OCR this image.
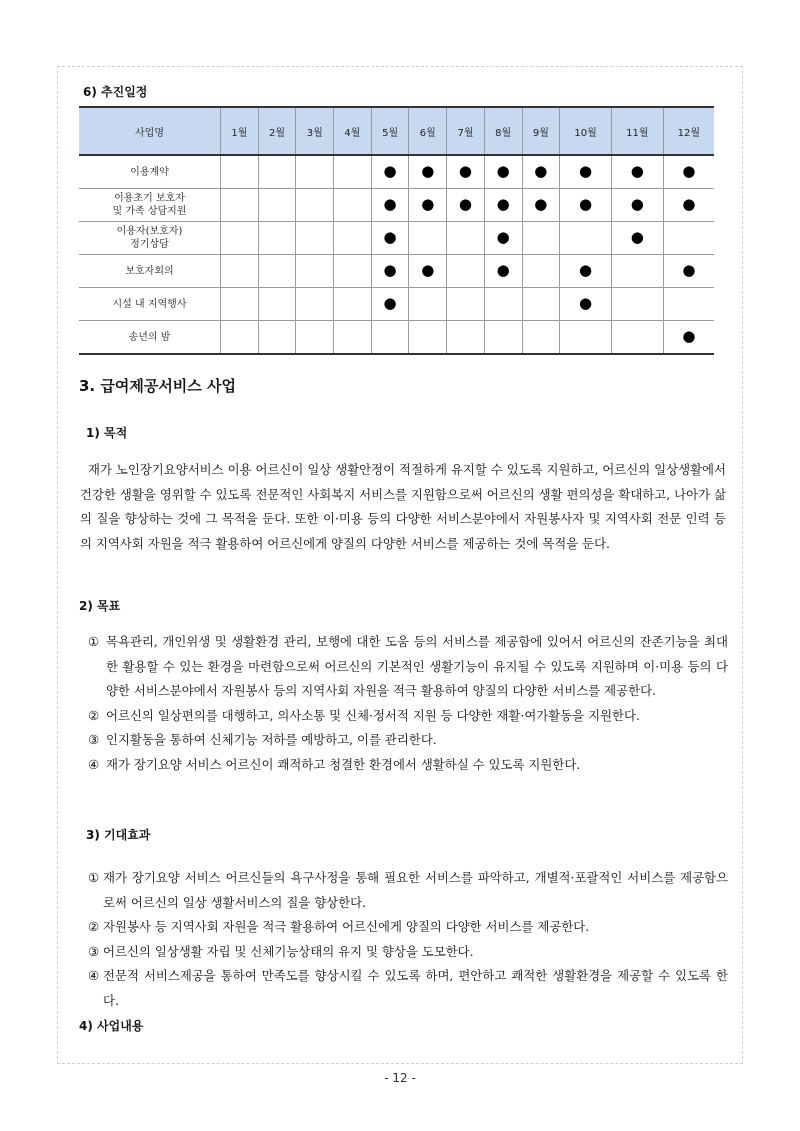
6) 추진일정
사업명	1월	2월	3월	4월	5월	6월	7월	8월	9월	10월	11월	12월

이용계약					●	●	●	●	●	●	●	●

이용초기 보호자
및 가족 상담지원					●	●	●	●	●	●	●	●

이용자(보호자)
정기상담					●			●			●	

보호자회의					●	●		●		●		●

시설 내 지역행사					●					●		

송년의 밤												●
3. 급여제공서비스 사업
1) 목적
재가 노인장기요양서비스 이용 어르신이 일상 생활안정이 적절하게 유지할 수 있도록 지원하고, 어르신의 일상생활에서 건강한 생활을 영위할 수 있도록 전문적인 사회복지 서비스를 지원함으로써 어르신의 생활 편의성을 확대하고, 나아가 삶의 질을 향상하는 것에 그 목적을 둔다. 또한 이·미용 등의 다양한 서비스분야에서 자원봉사자 및 지역사회 전문 인력 등의 지역사회 자원을 적극 활용하여 어르신에게 양질의 다양한 서비스를 제공하는 것에 목적을 둔다.
2) 목표
① 목욕관리, 개인위생 및 생활환경 관리, 보행에 대한 도움 등의 서비스를 제공함에 있어서 어르신의 잔존기능을 최대한 활용할 수 있는 환경을 마련함으로써 어르신의 기본적인 생활기능이 유지될 수 있도록 지원하며 이·미용 등의 다양한 서비스분야에서 자원봉사 등의 지역사회 자원을 적극 활용하여 양질의 다양한 서비스를 제공한다.
② 어르신의 일상편의를 대행하고, 의사소통 및 신체·정서적 지원 등 다양한 재활·여가활동을 지원한다.
③ 인지활동을 통하여 신체기능 저하를 예방하고, 이를 관리한다.
④ 재가 장기요양 서비스 어르신이 쾌적하고 청결한 환경에서 생활하실 수 있도록 지원한다.
3) 기대효과
① 재가 장기요양 서비스 어르신들의 욕구사정을 통해 필요한 서비스를 파악하고, 개별적·포괄적인 서비스를 제공함으로써 어르신의 일상 생활서비스의 질을 향상한다.
② 자원봉사 등 지역사회 자원을 적극 활용하여 어르신에게 양질의 다양한 서비스를 제공한다.
③ 어르신의 일상생활 자립 및 신체기능상태의 유지 및 향상을 도모한다.
④ 전문적 서비스제공을 통하여 만족도를 향상시킬 수 있도록 하며, 편안하고 쾌적한 생활환경을 제공할 수 있도록 한다.
4) 사업내용
- 12 -
